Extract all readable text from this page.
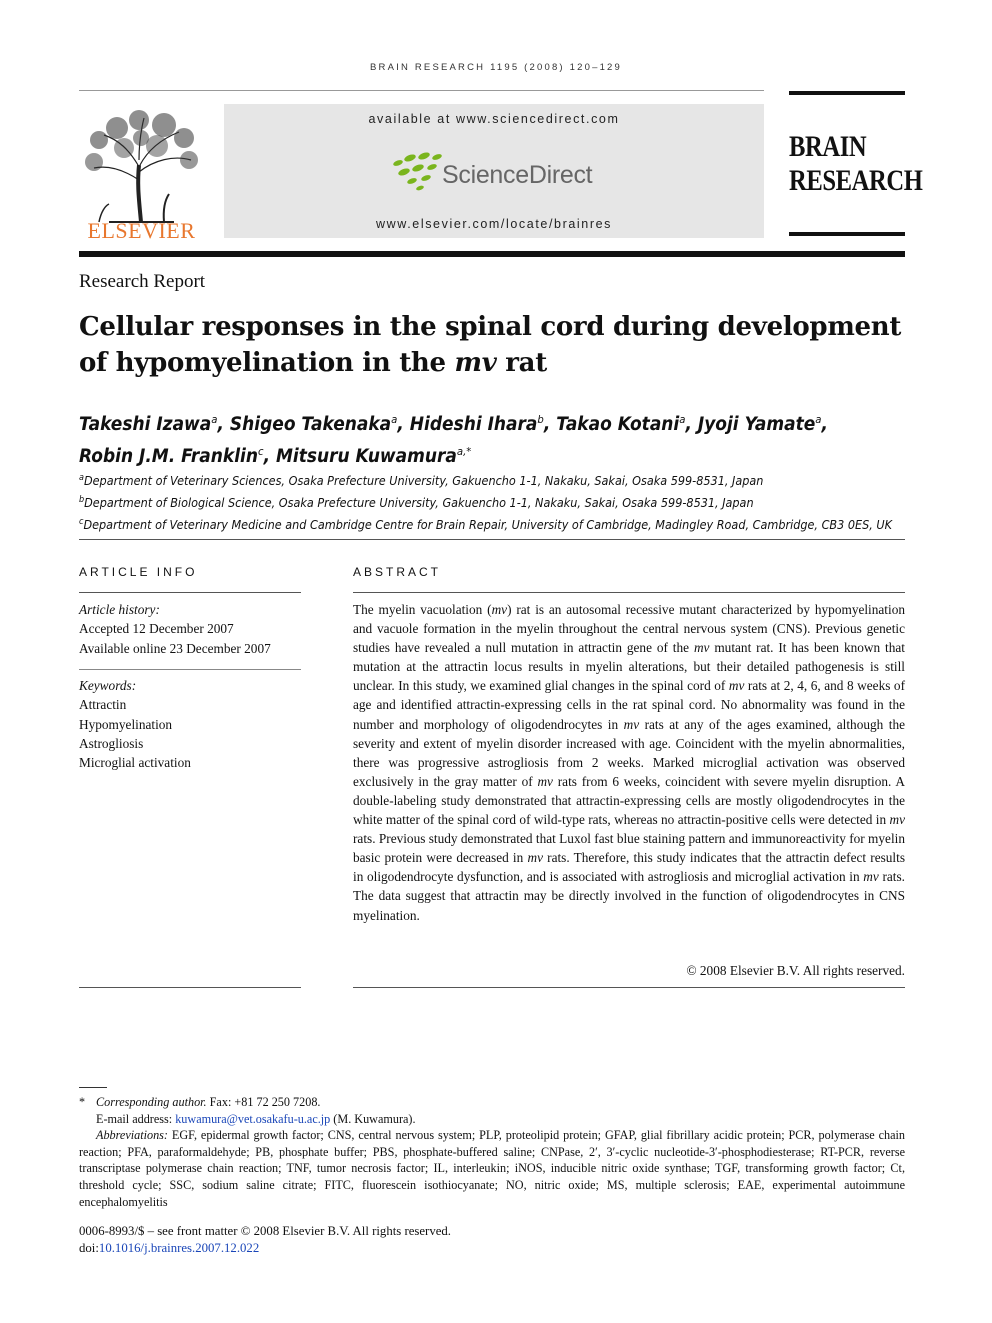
BRAIN RESEARCH 1195 (2008) 120–129
ELSEVIER
available at www.sciencedirect.com
ScienceDirect
www.elsevier.com/locate/brainres
BRAIN
RESEARCH
Research Report
Cellular responses in the spinal cord during development of hypomyelination in the mv rat
Takeshi Izawa$^a$, Shigeo Takenaka$^a$, Hideshi Ihara$^b$, Takao Kotani$^a$, Jyoji Yamate$^a$,
Robin J.M. Franklin$^c$, Mitsuru Kuwamura$^{a,*}$
$^a$Department of Veterinary Sciences, Osaka Prefecture University, Gakuencho 1-1, Nakaku, Sakai, Osaka 599-8531, Japan
$^b$Department of Biological Science, Osaka Prefecture University, Gakuencho 1-1, Nakaku, Sakai, Osaka 599-8531, Japan
$^c$Department of Veterinary Medicine and Cambridge Centre for Brain Repair, University of Cambridge, Madingley Road, Cambridge, CB3 0ES, UK
ARTICLE INFO
Article history:
Accepted 12 December 2007
Available online 23 December 2007
Keywords:
Attractin
Hypomyelination
Astrogliosis
Microglial activation
ABSTRACT
The myelin vacuolation (mv) rat is an autosomal recessive mutant characterized by hypomyelination and vacuole formation in the myelin throughout the central nervous system (CNS). Previous genetic studies have revealed a null mutation in attractin gene of the mv mutant rat. It has been known that mutation at the attractin locus results in myelin alterations, but their detailed pathogenesis is still unclear. In this study, we examined glial changes in the spinal cord of mv rats at 2, 4, 6, and 8 weeks of age and identified attractin-expressing cells in the rat spinal cord. No abnormality was found in the number and morphology of oligodendrocytes in mv rats at any of the ages examined, although the severity and extent of myelin disorder increased with age. Coincident with the myelin abnormalities, there was progressive astrogliosis from 2 weeks. Marked microglial activation was observed exclusively in the gray matter of mv rats from 6 weeks, coincident with severe myelin disruption. A double-labeling study demonstrated that attractin-expressing cells are mostly oligodendrocytes in the white matter of the spinal cord of wild-type rats, whereas no attractin-positive cells were detected in mv rats. Previous study demonstrated that Luxol fast blue staining pattern and immunoreactivity for myelin basic protein were decreased in mv rats. Therefore, this study indicates that the attractin defect results in oligodendrocyte dysfunction, and is associated with astrogliosis and microglial activation in mv rats. The data suggest that attractin may be directly involved in the function of oligodendrocytes in CNS myelination.
© 2008 Elsevier B.V. All rights reserved.
* Corresponding author. Fax: +81 72 250 7208.
E-mail address: kuwamura@vet.osakafu-u.ac.jp (M. Kuwamura).
Abbreviations: EGF, epidermal growth factor; CNS, central nervous system; PLP, proteolipid protein; GFAP, glial fibrillary acidic protein; PCR, polymerase chain reaction; PFA, paraformaldehyde; PB, phosphate buffer; PBS, phosphate-buffered saline; CNPase, 2′, 3′-cyclic nucleotide-3′-phosphodiesterase; RT-PCR, reverse transcriptase polymerase chain reaction; TNF, tumor necrosis factor; IL, interleukin; iNOS, inducible nitric oxide synthase; TGF, transforming growth factor; Ct, threshold cycle; SSC, sodium saline citrate; FITC, fluorescein isothiocyanate; NO, nitric oxide; MS, multiple sclerosis; EAE, experimental autoimmune encephalomyelitis
0006-8993/$ – see front matter © 2008 Elsevier B.V. All rights reserved.
doi:10.1016/j.brainres.2007.12.022
